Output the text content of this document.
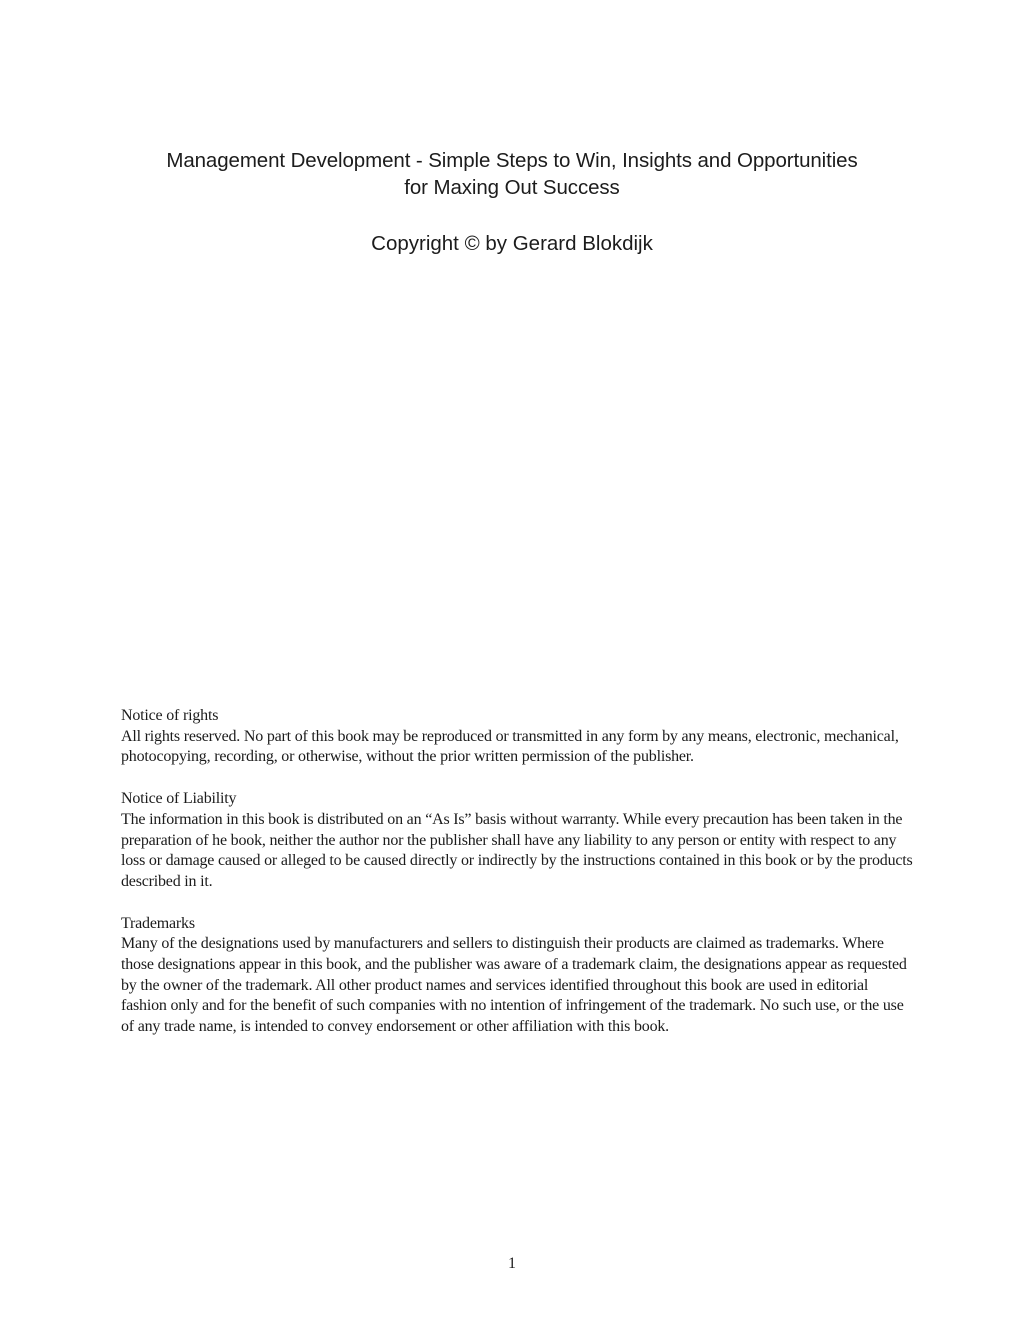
Management Development - Simple Steps to Win, Insights and Opportunities
for Maxing Out Success

Copyright © by Gerard Blokdijk

Notice of rights

All rights reserved. No part of this book may be reproduced or transmitted in any form by any means, electronic, mechanical, photocopying, recording, or otherwise, without the prior written permission of the publisher.

Notice of Liability

The information in this book is distributed on an “As Is” basis without warranty. While every precaution has been taken in the preparation of he book, neither the author nor the publisher shall have any liability to any person or entity with respect to any loss or damage caused or alleged to be caused directly or indirectly by the instructions contained in this book or by the products described in it.

Trademarks

Many of the designations used by manufacturers and sellers to distinguish their products are claimed as trademarks. Where those designations appear in this book, and the publisher was aware of a trademark claim, the designations appear as requested by the owner of the trademark. All other product names and services identified throughout this book are used in editorial fashion only and for the benefit of such companies with no intention of infringement of the trademark. No such use, or the use of any trade name, is intended to convey endorsement or other affiliation with this book.

1
